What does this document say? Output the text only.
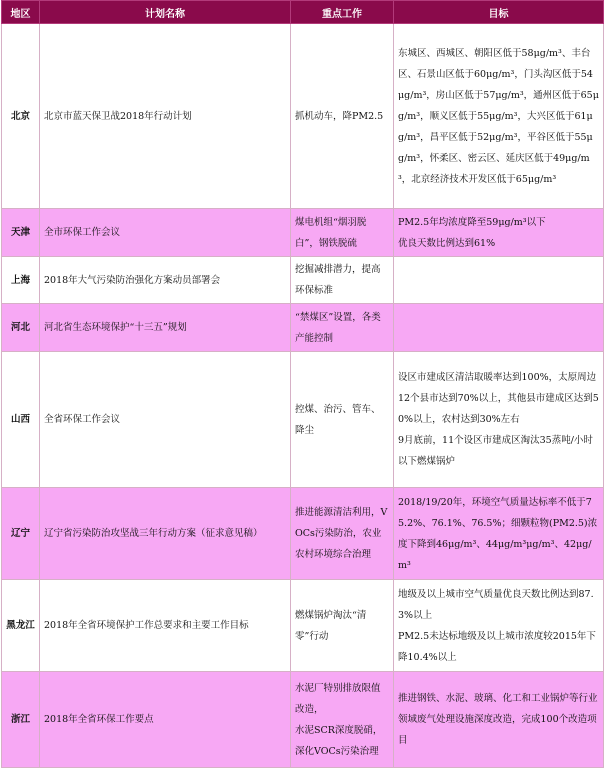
地区	计划名称	重点工作	目标
北京	北京市蓝天保卫战2018年行动计划	抓机动车，降PM2.5	东城区、西城区、朝阳区低于58μg/m³、丰台区、石景山区低于60μg/m³，门头沟区低于54μg/m³，房山区低于57μg/m³，通州区低于65μg/m³，顺义区低于55μg/m³，大兴区低于61μg/m³，昌平区低于52μg/m³，平谷区低于55μg/m³，怀柔区、密云区、延庆区低于49μg/m³，北京经济技术开发区低于65μg/m³

天津	全市环保工作会议	煤电机组“烟羽脱白”，钢铁脱硫	PM2.5年均浓度降至59μg/m³以下
优良天数比例达到61%

上海	2018年大气污染防治强化方案动员部署会	挖掘减排潜力，提高环保标准	

河北	河北省生态环境保护“十三五”规划	“禁煤区”设置，各类产能控制	

山西	全省环保工作会议	控煤、治污、管车、降尘	设区市建成区清洁取暖率达到100%，太原周边12个县市达到70%以上，其他县市建成区达到50%以上，农村达到30%左右
9月底前，11个设区市建成区淘汰35蒸吨/小时以下燃煤锅炉

辽宁	辽宁省污染防治攻坚战三年行动方案（征求意见稿）	推进能源清洁利用，VOCs污染防治，农业农村环境综合治理	2018/19/20年，环境空气质量达标率不低于75.2%、76.1%、76.5%；细颗粒物(PM2.5)浓度下降到46μg/m³、44μg/m³μg/m³、42μg/m³

黑龙江	2018年全省环境保护工作总要求和主要工作目标	燃煤锅炉淘汰“清零”行动	地级及以上城市空气质量优良天数比例达到87.3%以上
PM2.5未达标地级及以上城市浓度较2015年下降10.4%以上

浙江	2018年全省环保工作要点	水泥厂特别排放限值改造，
水泥SCR深度脱硝，
深化VOCs污染治理	推进钢铁、水泥、玻璃、化工和工业锅炉等行业领域废气处理设施深度改造，完成100个改造项目
